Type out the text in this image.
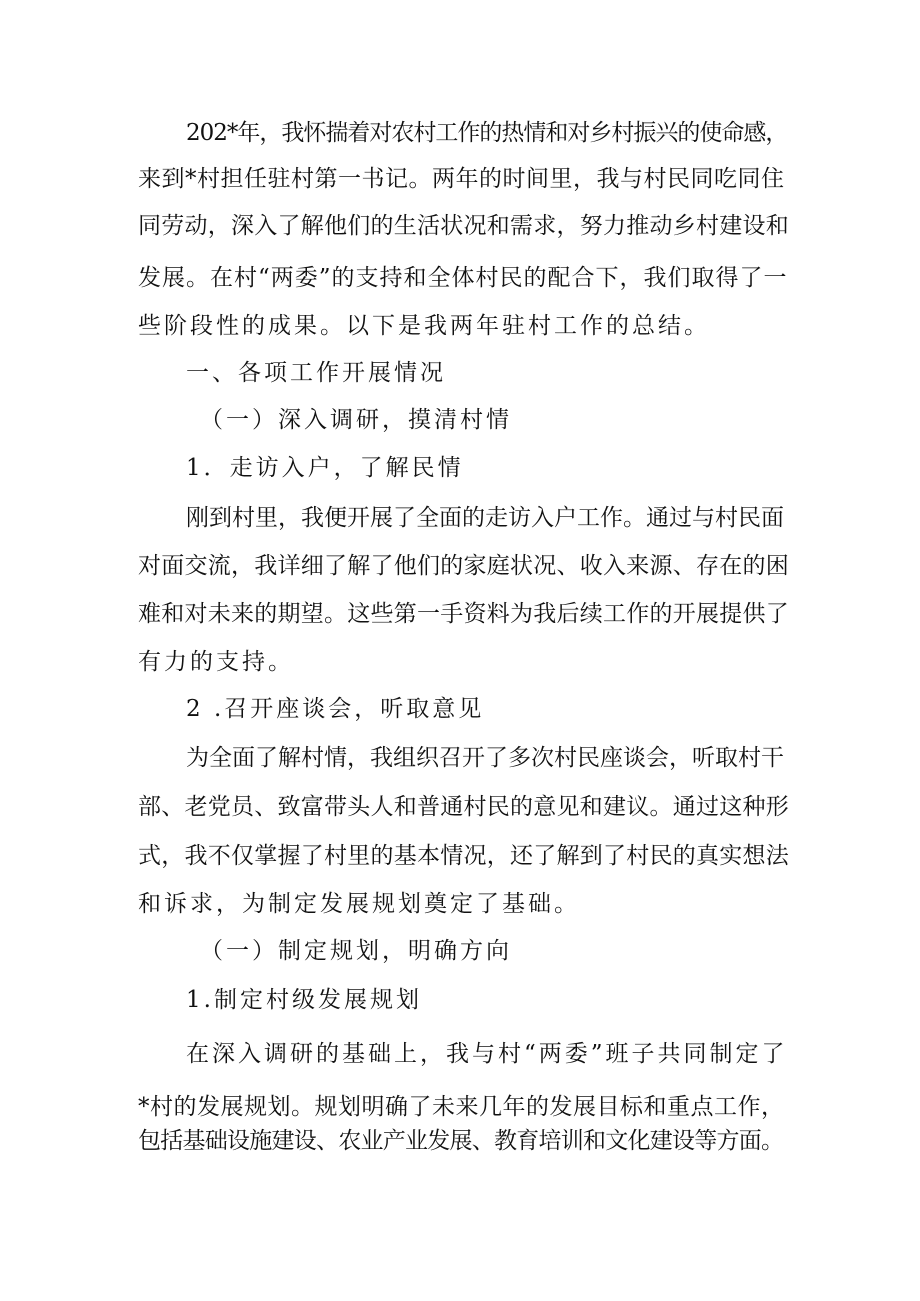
202*年，我怀揣着对农村工作的热情和对乡村振兴的使命感，
来到*村担任驻村第一书记。两年的时间里，我与村民同吃同住
同劳动，深入了解他们的生活状况和需求，努力推动乡村建设和
发展。在村“两委”的支持和全体村民的配合下，我们取得了一
些阶段性的成果。以下是我两年驻村工作的总结。
一、各项工作开展情况
（一）深入调研，摸清村情
1．走访入户，了解民情
刚到村里，我便开展了全面的走访入户工作。通过与村民面
对面交流，我详细了解了他们的家庭状况、收入来源、存在的困
难和对未来的期望。这些第一手资料为我后续工作的开展提供了
有力的支持。
2 .召开座谈会，听取意见
为全面了解村情，我组织召开了多次村民座谈会，听取村干
部、老党员、致富带头人和普通村民的意见和建议。通过这种形
式，我不仅掌握了村里的基本情况，还了解到了村民的真实想法
和诉求，为制定发展规划奠定了基础。
（一）制定规划，明确方向
1.制定村级发展规划
在深入调研的基础上，我与村“两委”班子共同制定了
*村的发展规划。规划明确了未来几年的发展目标和重点工作，
包括基础设施建设、农业产业发展、教育培训和文化建设等方面。
